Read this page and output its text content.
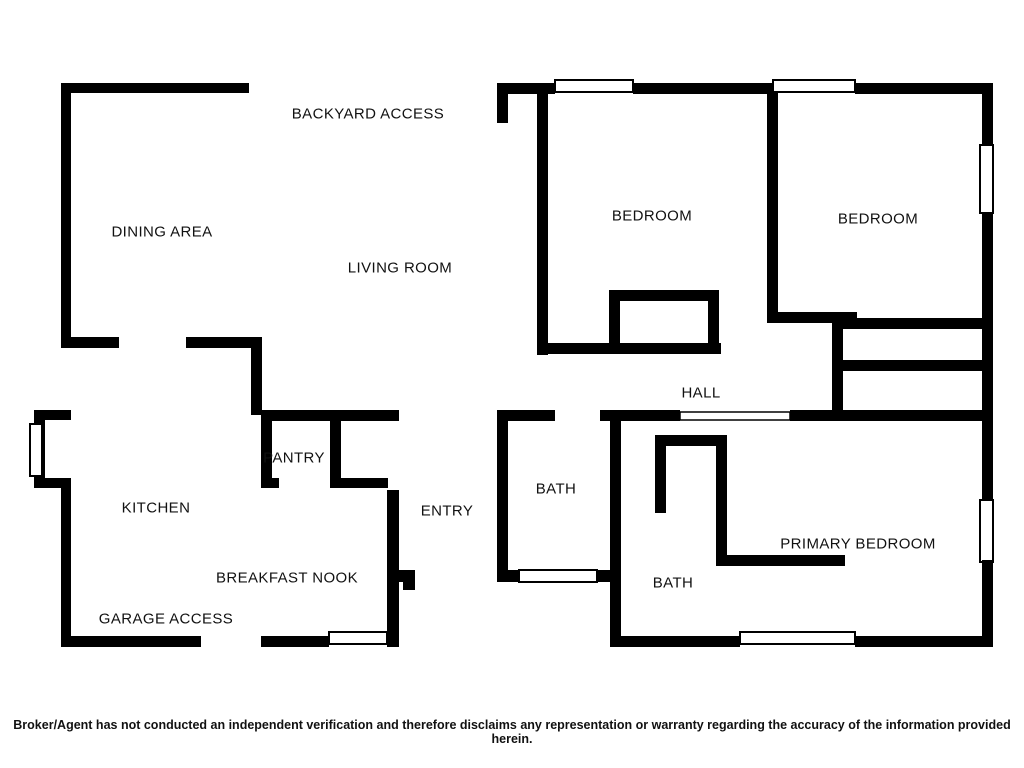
BACKYARD ACCESS
DINING AREA
LIVING ROOM
BEDROOM	BEDROOM
HALL
PANTRY
BATH
KITCHEN	ENTRY
PRIMARY BEDROOM
BREAKFAST NOOK	BATH
GARAGE ACCESS
Broker/Agent has not conducted an independent verification and therefore disclaims any representation or warranty regarding the accuracy of the information provided herein.
